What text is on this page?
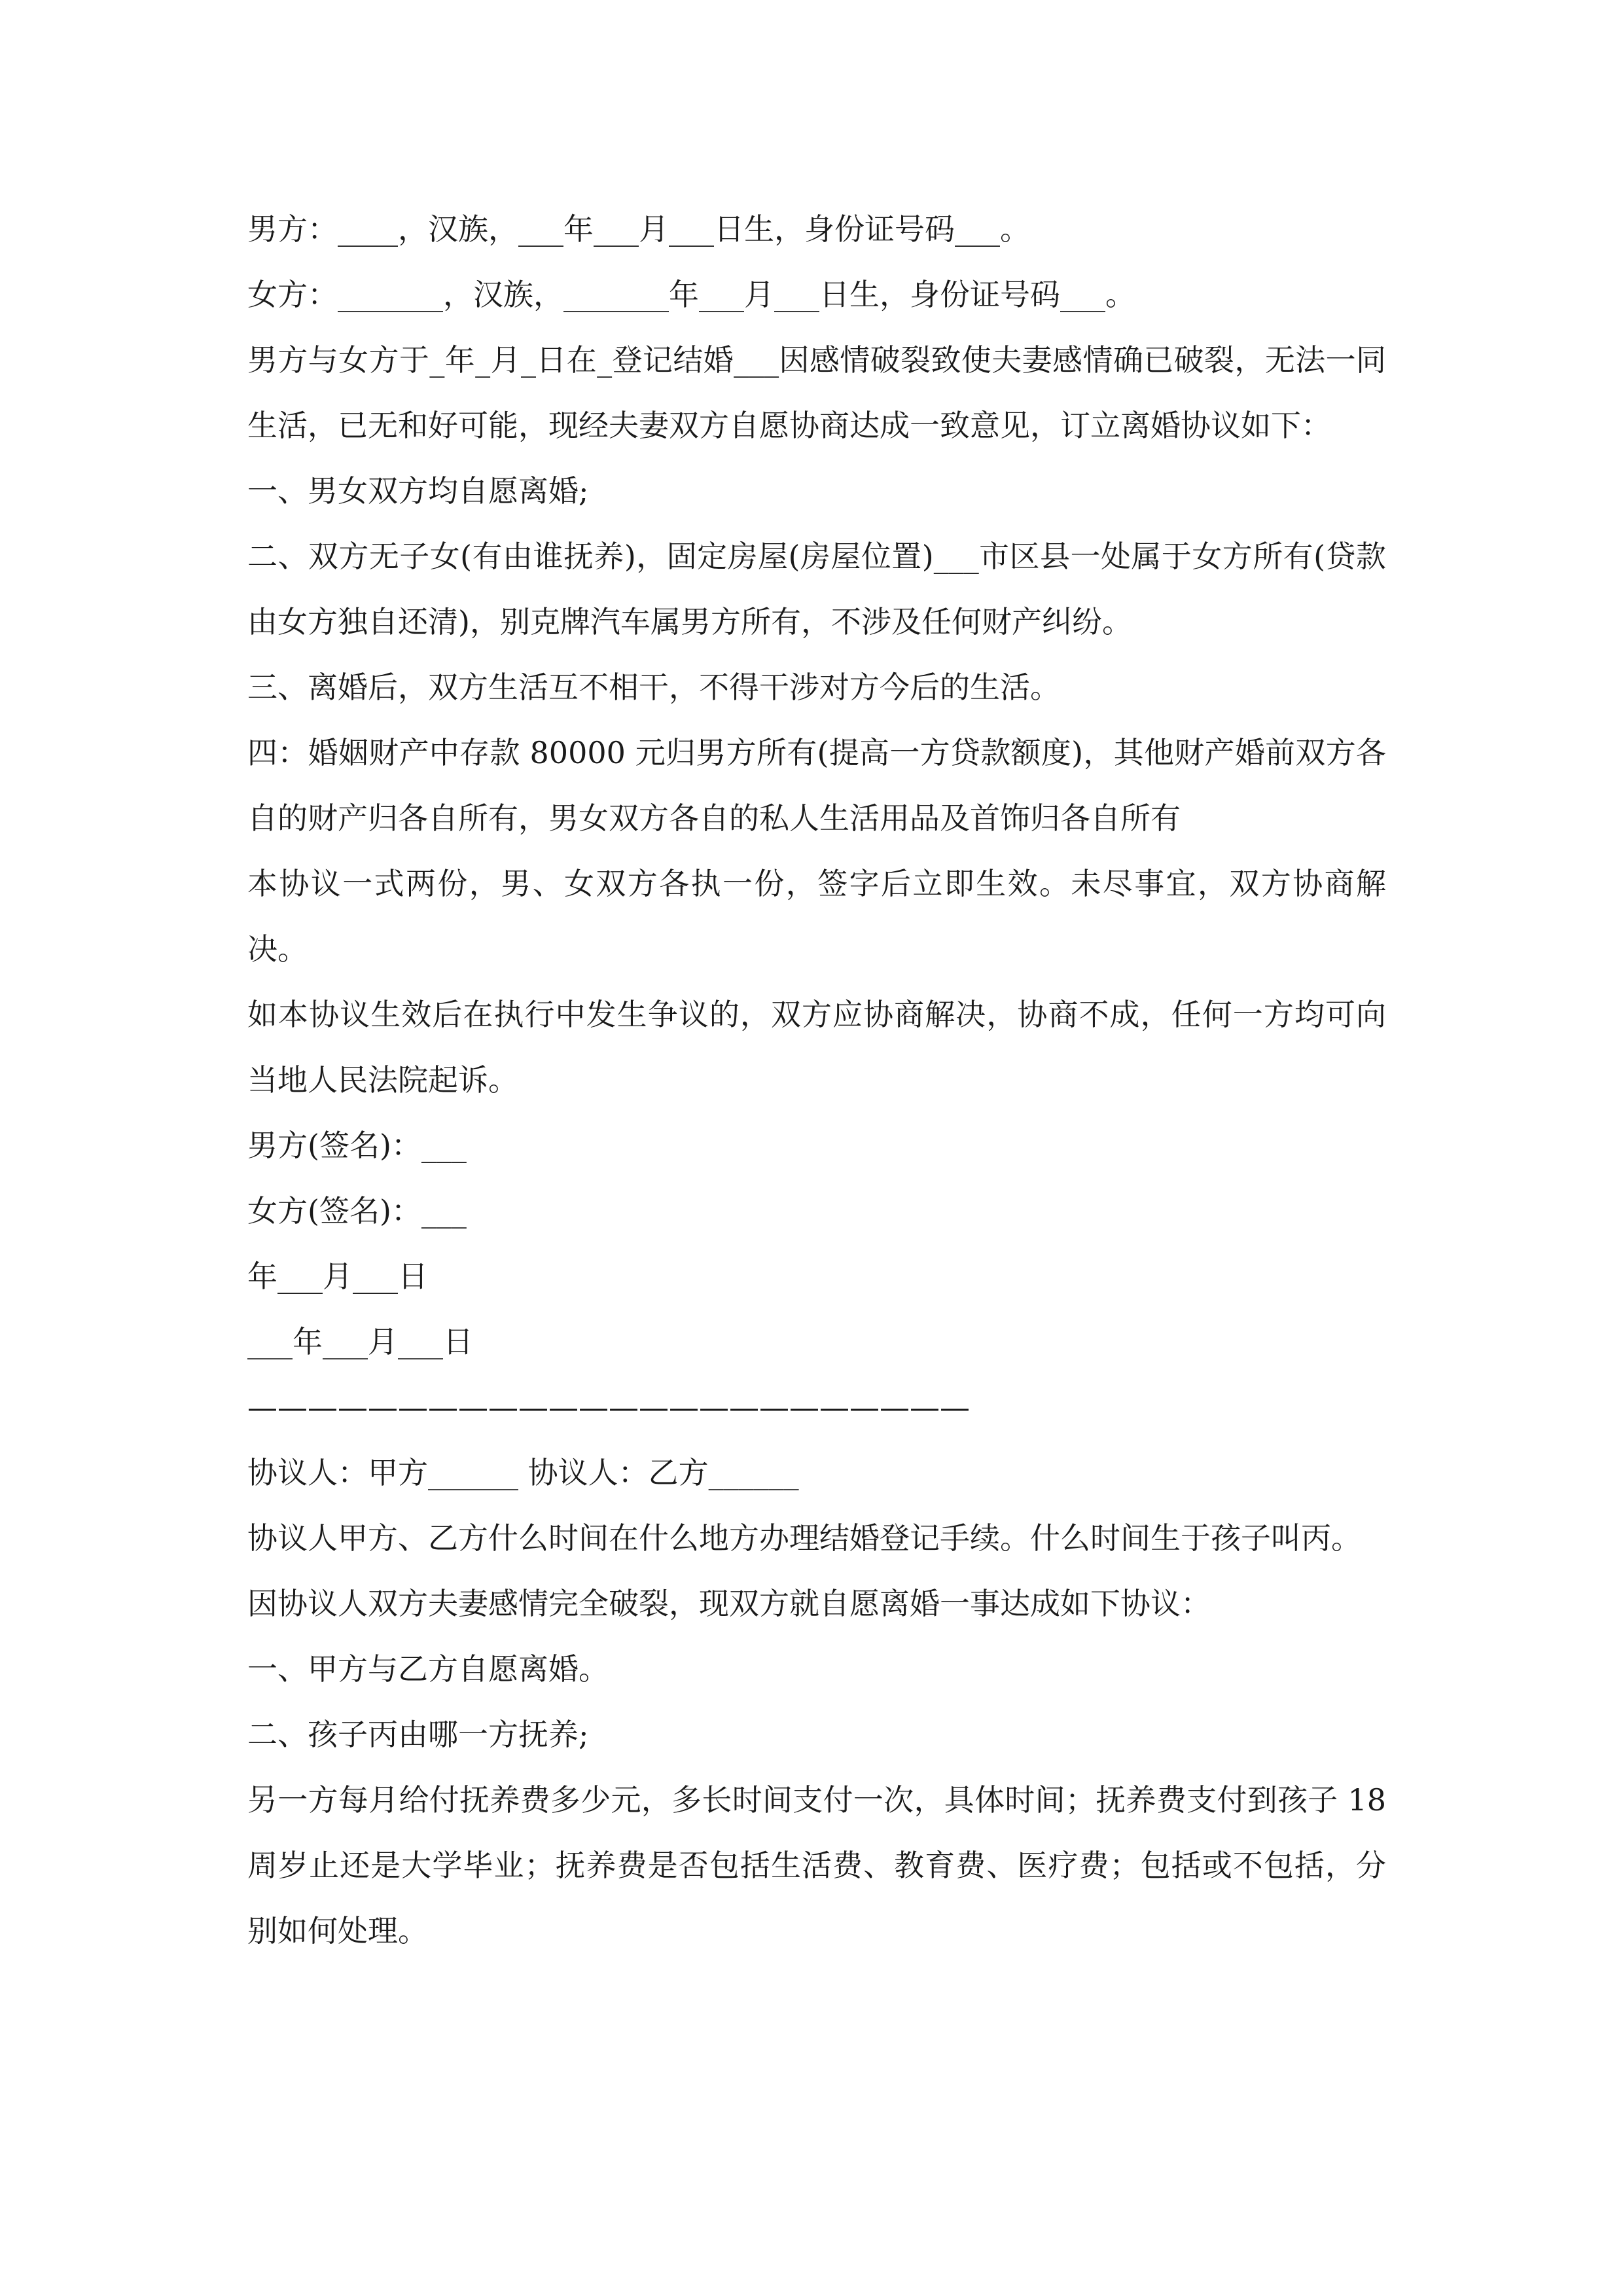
男方：____，汉族，___年___月___日生，身份证号码___。

女方：_______，汉族，_______年___月___日生，身份证号码___。

男方与女方于_年_月_日在_登记结婚___因感情破裂致使夫妻感情确已破裂，无法一同生活，已无和好可能，现经夫妻双方自愿协商达成一致意见，订立离婚协议如下：

一、男女双方均自愿离婚;

二、双方无子女(有由谁抚养)，固定房屋(房屋位置)___市区县一处属于女方所有(贷款由女方独自还清)，别克牌汽车属男方所有，不涉及任何财产纠纷。

三、离婚后，双方生活互不相干，不得干涉对方今后的生活。

四：婚姻财产中存款 80000 元归男方所有(提高一方贷款额度)，其他财产婚前双方各自的财产归各自所有，男女双方各自的私人生活用品及首饰归各自所有

本协议一式两份，男、女双方各执一份，签字后立即生效。未尽事宜，双方协商解决。

如本协议生效后在执行中发生争议的，双方应协商解决，协商不成，任何一方均可向当地人民法院起诉。

男方(签名)：___

女方(签名)：___

年___月___日

___年___月___日

————————————————————————

协议人：甲方______ 协议人：乙方______

协议人甲方、乙方什么时间在什么地方办理结婚登记手续。什么时间生于孩子叫丙。

因协议人双方夫妻感情完全破裂，现双方就自愿离婚一事达成如下协议：

一、甲方与乙方自愿离婚。

二、孩子丙由哪一方抚养;

另一方每月给付抚养费多少元，多长时间支付一次，具体时间；抚养费支付到孩子 18 周岁止还是大学毕业；抚养费是否包括生活费、教育费、医疗费；包括或不包括，分别如何处理。
